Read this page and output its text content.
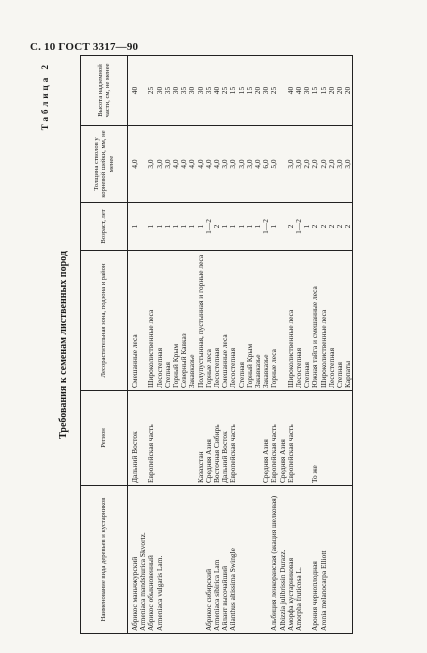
С. 10 ГОСТ 3317—90
Таблица 2
Требования к семенам лиственных пород
Наименование вида деревьев и кустарников	Регион	Лесорастительная зона, подзона и район	Возраст, лет	Толщина стволов у корневой шейки, мм, не менее	Высота надземной части, см, не менее
Абрикос маньчжурский	Дальний Восток	Смешанные леса	1	4,0	40
Armeniaca mandshurica Skvortz.					
Абрикос обыкновенный	Европейская часть	Широколиственные леса	1	3,0	25
Armeniaca vulgaris Lam.		Лесостепная	1	3,0	30
		Степная	1	3,0	35
		Горный Крым	1	4,0	30
		Северный Кавказ	1	4,0	35
		Закавказье	1	4,0	30
	Казахстан	Полупустынная, пустынная и горные леса	1	4,0	30
Абрикос сибирский	Средняя Азия	Горные леса	1—2	4,0	35
Armeniaca sibirica Lam	Восточная Сибирь	Лесостепная	2	4,0	40
Айлант высочайший	Дальний Восток	Смешанные леса	1	3,0	25
Ailanthus altissima Swingle	Европейская часть	Лесостепная	1	3,0	15
		Степная	1	3,0	15
		Горный Крым	1	3,0	15
		Закавказье	1	4,0	20
	Средняя Азия	Закавказье	1—2	6,0	30
Альбиция ленкоранская (акация шелковая)	Европейская часть	Горные леса	1	5,0	25
Albizzia julibrissin Durazz.	Средняя Азия				
Аморфа кустарниковая	Европейская часть	Широколиственные леса	2	3,0	40
Amorpha fruticosa L.		Лесостепная	1—2	3,0	40
		Степная	1	2,0	30
Арония черноплодная	То же	Южная тайга и смешанные леса	2	2,0	15
Aronia melanocarpa Elliott		Широколиственные леса	2	2,0	15
		Лесостепная	2	2,0	20
		Степная	2	3,0	20
		Карпаты	2	3,0	20
